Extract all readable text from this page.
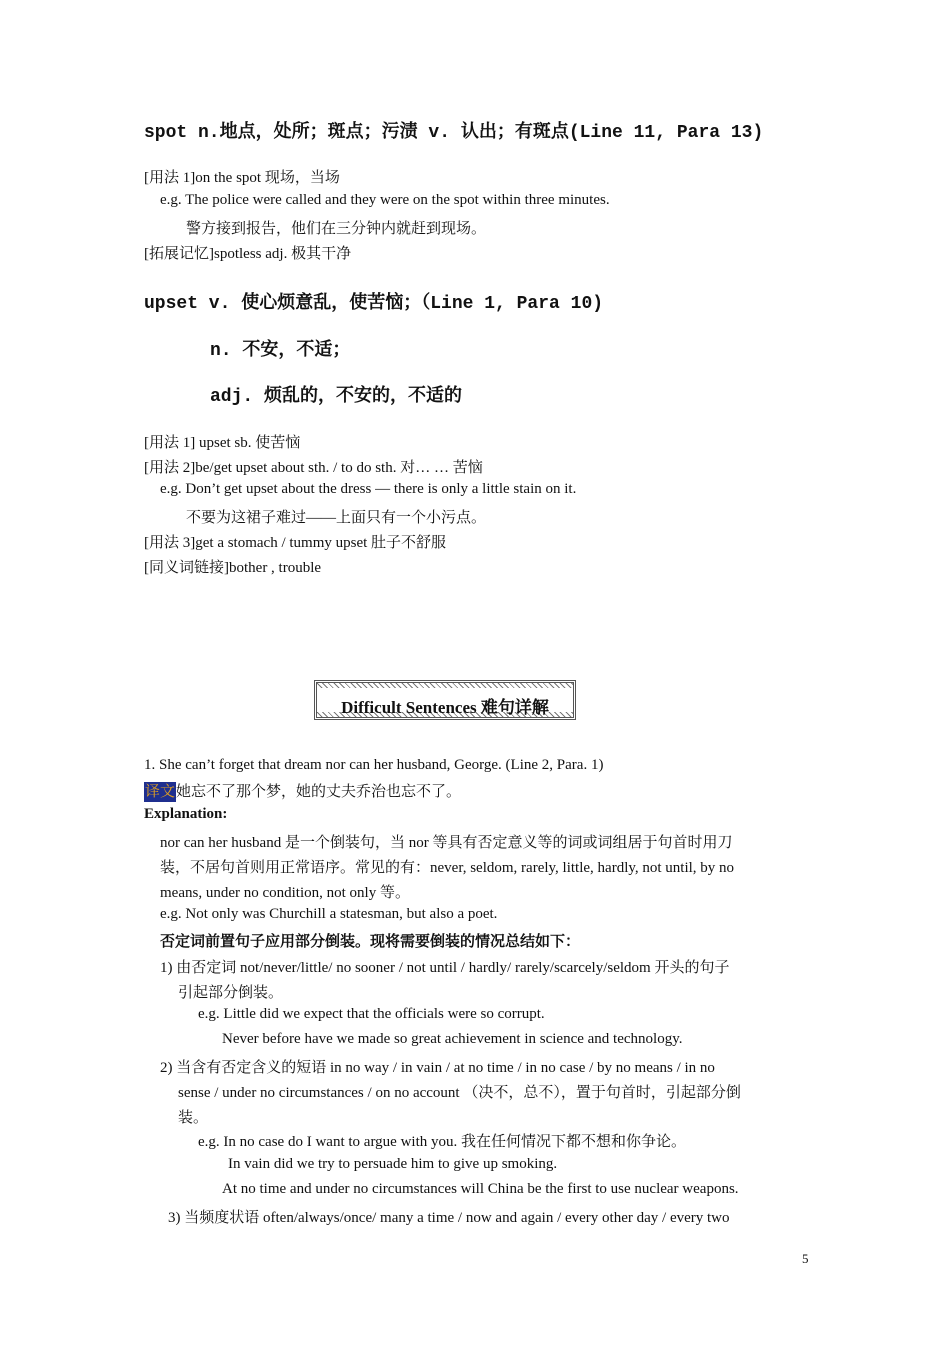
spot n.地点，处所；斑点；污渍 v. 认出；有斑点(Line 11, Para 13)
[用法 1]on the spot 现场，当场
e.g. The police were called and they were on the spot within three minutes.
警方接到报告，他们在三分钟内就赶到现场。
[拓展记忆]spotless adj. 极其干净
upset v. 使心烦意乱，使苦恼；（Line 1, Para 10)
n. 不安，不适；
adj. 烦乱的，不安的，不适的
[用法 1] upset sb. 使苦恼
[用法 2]be/get upset about sth. / to do sth. 对… … 苦恼
e.g. Don’t get upset about the dress — there is only a little stain on it.
不要为这裙子难过——上面只有一个小污点。
[用法 3]get a stomach / tummy upset 肚子不舒服
[同义词链接]bother , trouble
Difficult Sentences 难句详解
1. She can’t forget that dream nor can her husband, George. (Line 2, Para. 1)
译文她忘不了那个梦，她的丈夫乔治也忘不了。
Explanation:
nor can her husband 是一个倒装句，当 nor 等具有否定意义等的词或词组居于句首时用刀
装，不居句首则用正常语序。常见的有：never, seldom, rarely, little, hardly, not until, by no
means, under no condition, not only 等。
e.g. Not only was Churchill a statesman, but also a poet.
否定词前置句子应用部分倒装。现将需要倒装的情况总结如下：
1) 由否定词 not/never/little/ no sooner / not until / hardly/ rarely/scarcely/seldom 开头的句子
引起部分倒装。
e.g. Little did we expect that the officials were so corrupt.
Never before have we made so great achievement in science and technology.
2) 当含有否定含义的短语 in no way / in vain / at no time / in no case / by no means / in no
sense / under no circumstances / on no account （决不，总不），置于句首时，引起部分倒
装。
e.g. In no case do I want to argue with you. 我在任何情况下都不想和你争论。
In vain did we try to persuade him to give up smoking.
At no time and under no circumstances will China be the first to use nuclear weapons.
3) 当频度状语 often/always/once/ many a time / now and again / every other day / every two
5
